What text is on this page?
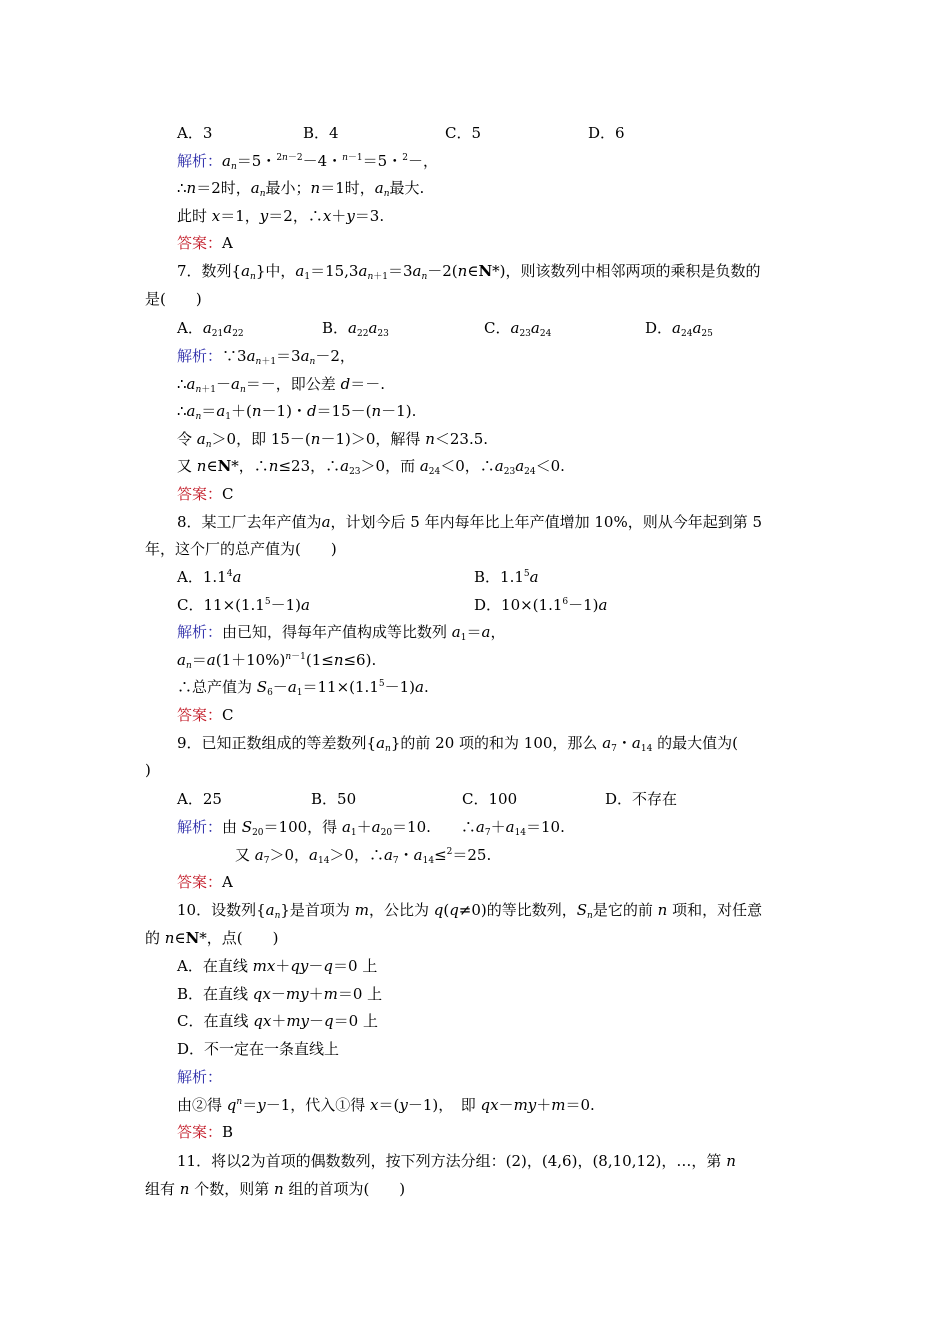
A．3	B．4	C．5	D．6
解析：$a_n=5$・$^{2n-2}$－4・$^{n-1}$＝5・$^2$－，
∴n＝2时，$a_n$最小；n＝1时，$a_n$最大.
此时 x＝1，y＝2，∴x＋y＝3.
答案：A
7．数列$\{a_n\}$中，$a_1=15,3a_{n+1}=3a_n-2(n\in N*)$，则该数列中相邻两项的乘积是负数的
是(　　)
A．$a_{21}a_{22}$	B．$a_{22}a_{23}$	C．$a_{23}a_{24}$	D．$a_{24}a_{25}$
解析：$\because 3a_{n+1}=3a_n-2$，
$\therefore a_{n+1}-a_n=-$，即公差 d＝－.
$\therefore a_n=a_1+(n-1)$・d＝15－(n－1).
令 $a_n>0$，即 15－(n－1)＞0，解得 n＜23.5.
又 n∈N*，∴n≤23，$\therefore a_{23}>0$，而 $a_{24}<0$，$\therefore a_{23}a_{24}<0$.
答案：C
8．某工厂去年产值为a，计划今后 5 年内每年比上年产值增加 10%，则从今年起到第 5
年，这个厂的总产值为(　　)
A．$1.1^4a$	B．$1.1^5a$
C．$11\times(1.1^5-1)a$	D．$10\times(1.1^6-1)a$
解析：由已知，得每年产值构成等比数列 $a_1=a$，
$a_n=a(1+10\%)^{n-1}(1\le n\le 6)$.
∴总产值为 $S_6-a_1=11\times(1.1^5-1)a$.
答案：C
9．已知正数组成的等差数列$\{a_n\}$的前 20 项的和为 100，那么 $a_7$・$a_{14}$ 的最大值为(
)
A．25	B．50	C．100	D．不存在
解析：由 $S_{20}=100$，得 $a_1+a_{20}=10$.　　$\therefore a_7+a_{14}=10$.
又 $a_7>0$，$a_{14}>0$，$\therefore a_7$・$a_{14}\le^2=25$.
答案：A
10．设数列$\{a_n\}$是首项为 m，公比为 q(q≠0)的等比数列，$S_n$是它的前 n 项和，对任意
的 n∈N*，点(　　)
A．在直线 mx＋qy－q＝0 上
B．在直线 qx－my＋m＝0 上
C．在直线 qx＋my－q＝0 上
D．不一定在一条直线上
解析：
由②得 $q^n=y-1$，代入①得 x＝(y－1)，　即 qx－my＋m＝0.
答案：B
11．将以2为首项的偶数数列，按下列方法分组：(2)，(4,6)，(8,10,12)，…，第 n
组有 n 个数，则第 n 组的首项为(　　)
